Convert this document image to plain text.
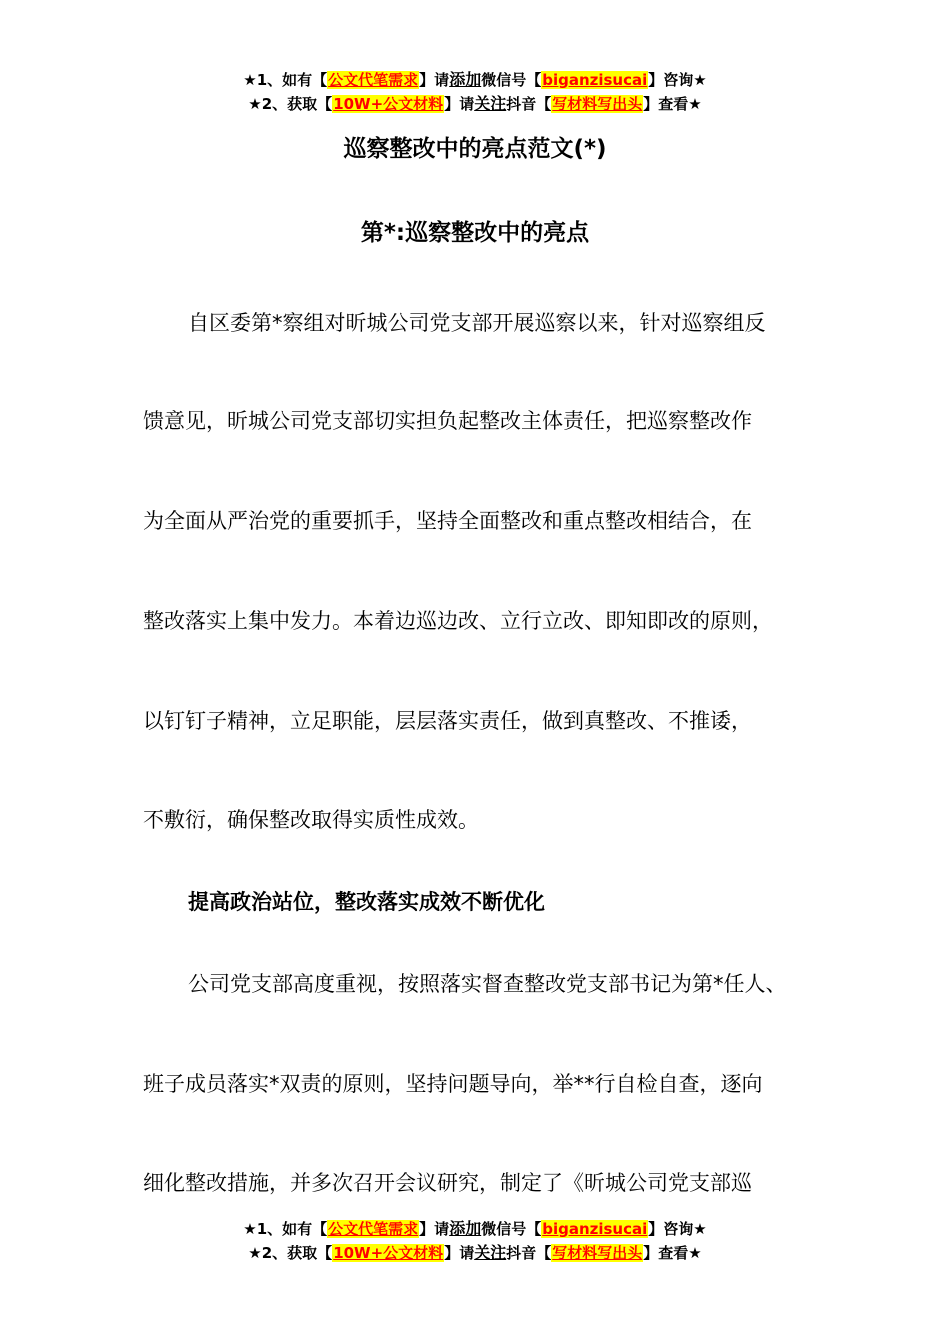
★1、如有【公文代笔需求】请添加微信号【biganzisucai】咨询★
★2、获取【10W+公文材料】请关注抖音【写材料写出头】查看★
巡察整改中的亮点范文(*)
第*:巡察整改中的亮点
自区委第*察组对昕城公司党支部开展巡察以来，针对巡察组反
馈意见，昕城公司党支部切实担负起整改主体责任，把巡察整改作
为全面从严治党的重要抓手，坚持全面整改和重点整改相结合，在
整改落实上集中发力。本着边巡边改、立行立改、即知即改的原则，
以钉钉子精神，立足职能，层层落实责任，做到真整改、不推诿，
不敷衍，确保整改取得实质性成效。
提高政治站位，整改落实成效不断优化
公司党支部高度重视，按照落实督查整改党支部书记为第*任人、
班子成员落实*双责的原则，坚持问题导向，举**行自检自查，逐向
细化整改措施，并多次召开会议研究，制定了《昕城公司党支部巡
★1、如有【公文代笔需求】请添加微信号【biganzisucai】咨询★
★2、获取【10W+公文材料】请关注抖音【写材料写出头】查看★
